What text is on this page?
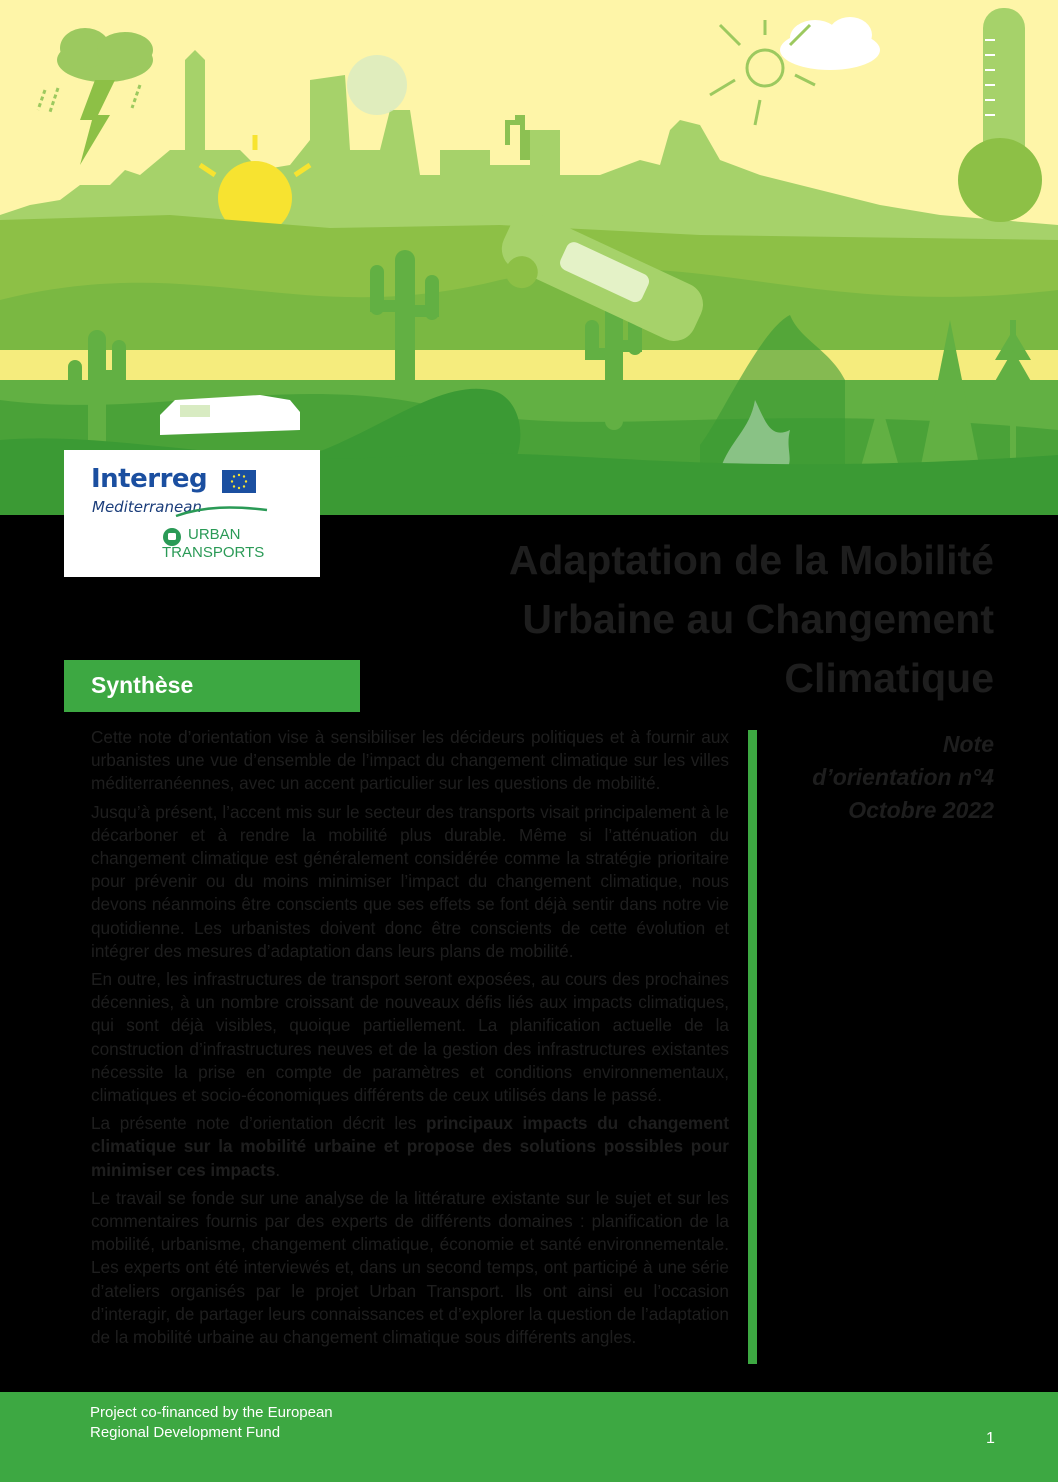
Interreg
Mediterranean
URBAN
TRANSPORTS	Adaptation de la Mobilité
Urbaine au Changement
Climatique
Synthèse

Cette note d’orientation vise à sensibiliser les décideurs politiques et à fournir aux urbanistes une vue d’ensemble de l’impact du changement climatique sur les villes méditerranéennes, avec un accent particulier sur les questions de mobilité.

Jusqu’à présent, l’accent mis sur le secteur des transports visait principalement à le décarboner et à rendre la mobilité plus durable. Même si l’atténuation du changement climatique est généralement considérée comme la stratégie prioritaire pour prévenir ou du moins minimiser l’impact du changement climatique, nous devons néanmoins être conscients que ses effets se font déjà sentir dans notre vie quotidienne. Les urbanistes doivent donc être conscients de cette évolution et intégrer des mesures d’adaptation dans leurs plans de mobilité.

En outre, les infrastructures de transport seront exposées, au cours des prochaines décennies, à un nombre croissant de nouveaux défis liés aux impacts climatiques, qui sont déjà visibles, quoique partiellement. La planification actuelle de la construction d’infrastructures neuves et de la gestion des infrastructures existantes nécessite la prise en compte de paramètres et conditions environnementaux, climatiques et socio-économiques différents de ceux utilisés dans le passé.

La présente note d’orientation décrit les principaux impacts du changement climatique sur la mobilité urbaine et propose des solutions possibles pour minimiser ces impacts.

Le travail se fonde sur une analyse de la littérature existante sur le sujet et sur les commentaires fournis par des experts de différents domaines : planification de la mobilité, urbanisme, changement climatique, économie et santé environnementale. Les experts ont été interviewés et, dans un second temps, ont participé à une série d’ateliers organisés par le projet Urban Transport. Ils ont ainsi eu l’occasion d’interagir, de partager leurs connaissances et d’explorer la question de l’adaptation de la mobilité urbaine au changement climatique sous différents angles.

Note
d’orientation n°4
Octobre 2022
Project co-financed by the European
Regional Development Fund	1
